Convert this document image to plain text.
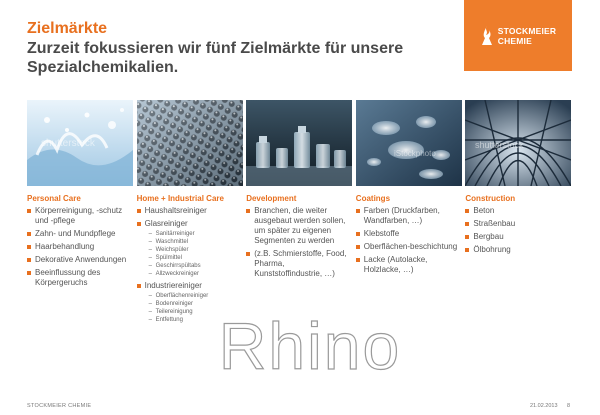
Zielmärkte
Zurzeit fokussieren wir fünf Zielmärkte für unsere Spezialchemikalien.
STOCKMEIER
CHEMIE
shutterstock
Personal Care
Körperreinigung, -schutz und -pflege
Zahn- und Mundpflege
Haarbehandlung
Dekorative Anwendungen
Beeinflussung des Körpergeruchs
Home + Industrial Care
Haushaltsreiniger
Glasreiniger
– Sanitärreiniger
– Waschmittel
– Weichspüler
– Spülmittel
– Geschirrspültabs
– Allzweckreiniger
Industriereiniger
– Oberflächenreiniger
– Bodenreiniger
– Teilereinigung
– Entfettung
Development
Branchen, die weiter ausgebaut werden sollen, um später zu eigenen Segmenten zu werden
(z.B. Schmierstoffe, Food, Pharma, Kunststoffindustrie, …)
iStockphoto
Coatings
Farben (Druckfarben, Wandfarben, …)
Klebstoffe
Oberflächen-beschichtung
Lacke (Autolacke, Holzlacke, …)
shutterstock
Construction
Beton
Straßenbau
Bergbau
Ölbohrung
Rhino
STOCKMEIER CHEMIE	21.02.2013 8
